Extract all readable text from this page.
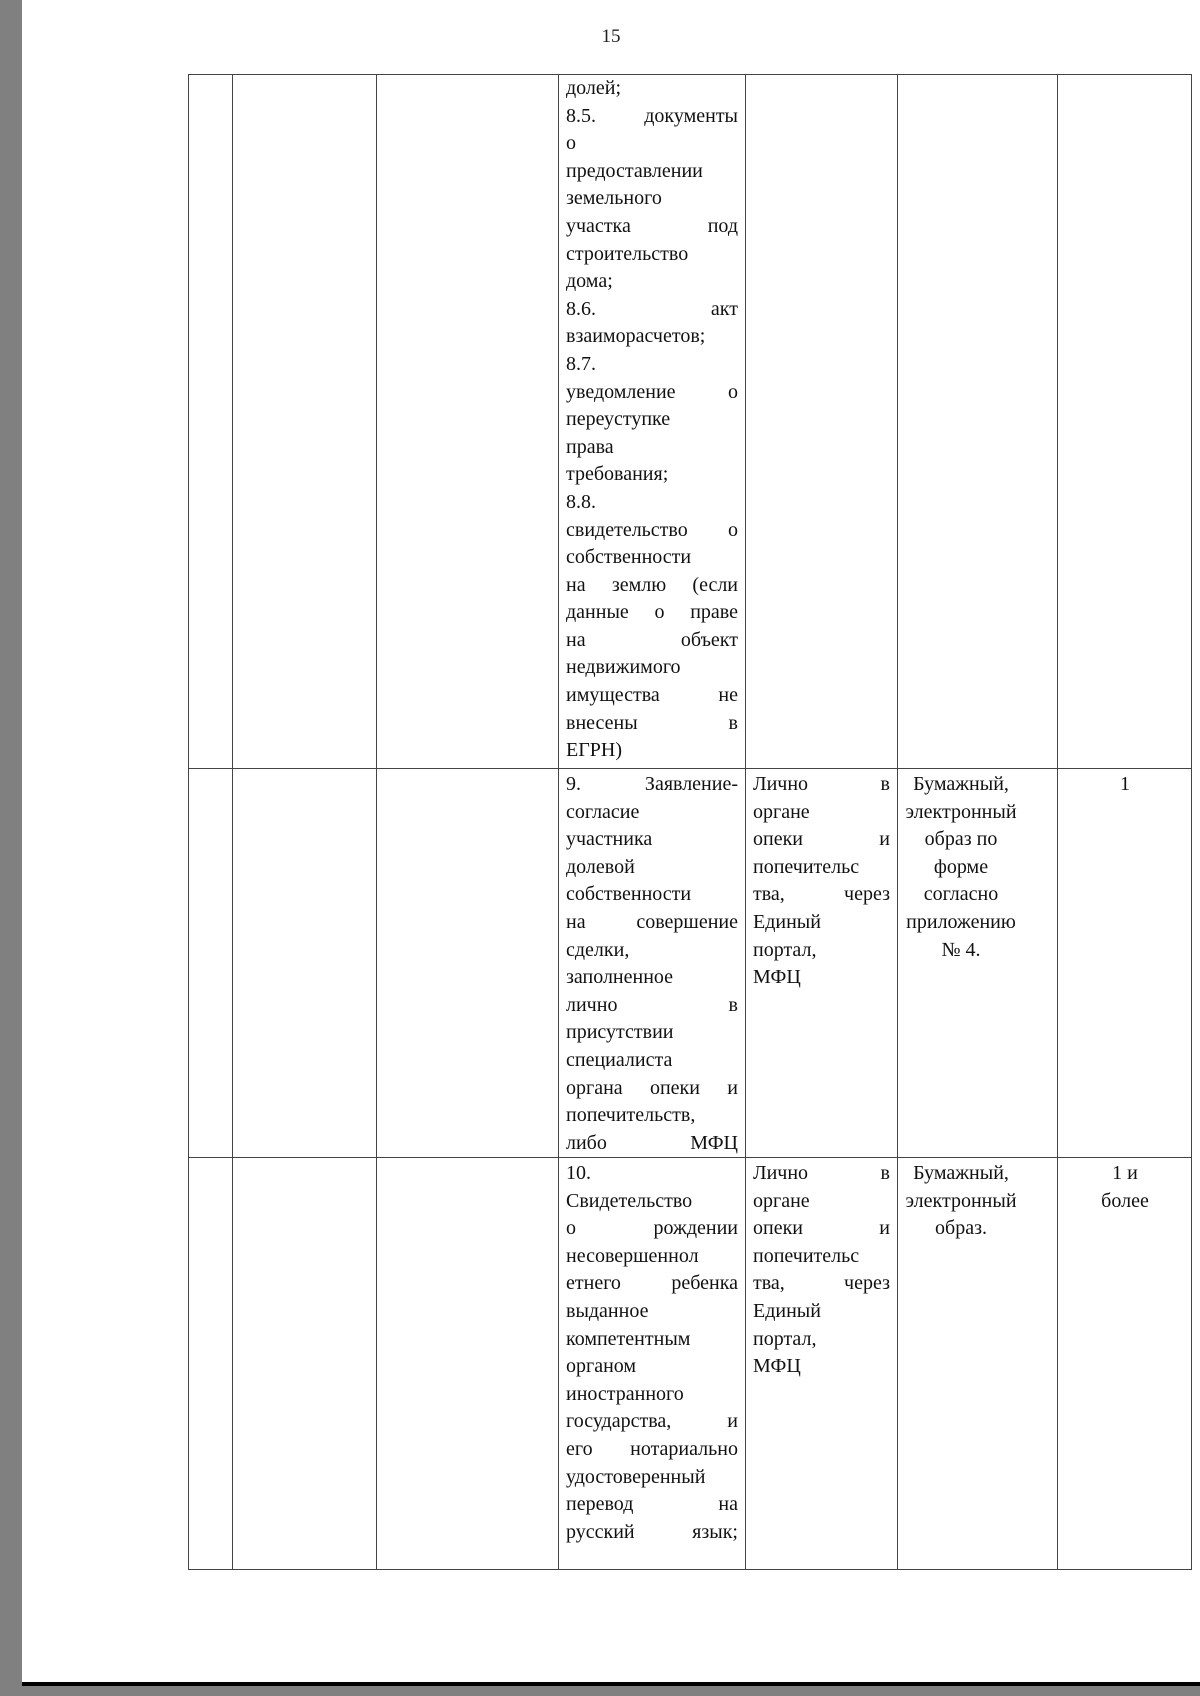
15
долей;
8.5. документы
о
предоставлении
земельного
участка под
строительство
дома;
8.6. акт
взаиморасчетов;
8.7.
уведомление о
переуступке
права
требования;
8.8.
свидетельство о
собственности
на землю (если
данные о праве
на объект
недвижимого
имущества не
внесены в
ЕГРН)
9. Заявление-
согласие
участника
долевой
собственности
на совершение
сделки,
заполненное
лично в
присутствии
специалиста
органа опеки и
попечительств,
либо МФЦ
Лично в
органе
опеки и
попечительс
тва, через
Единый
портал,
МФЦ
Бумажный,
электронный
образ по
форме
согласно
приложению
№ 4.
1
10.
Свидетельство
о рождении
несовершеннол
етнего ребенка
выданное
компетентным
органом
иностранного
государства, и
его нотариально
удостоверенный
перевод на
русский язык;
Лично в
органе
опеки и
попечительс
тва, через
Единый
портал,
МФЦ
Бумажный,
электронный
образ.
1 и
более
